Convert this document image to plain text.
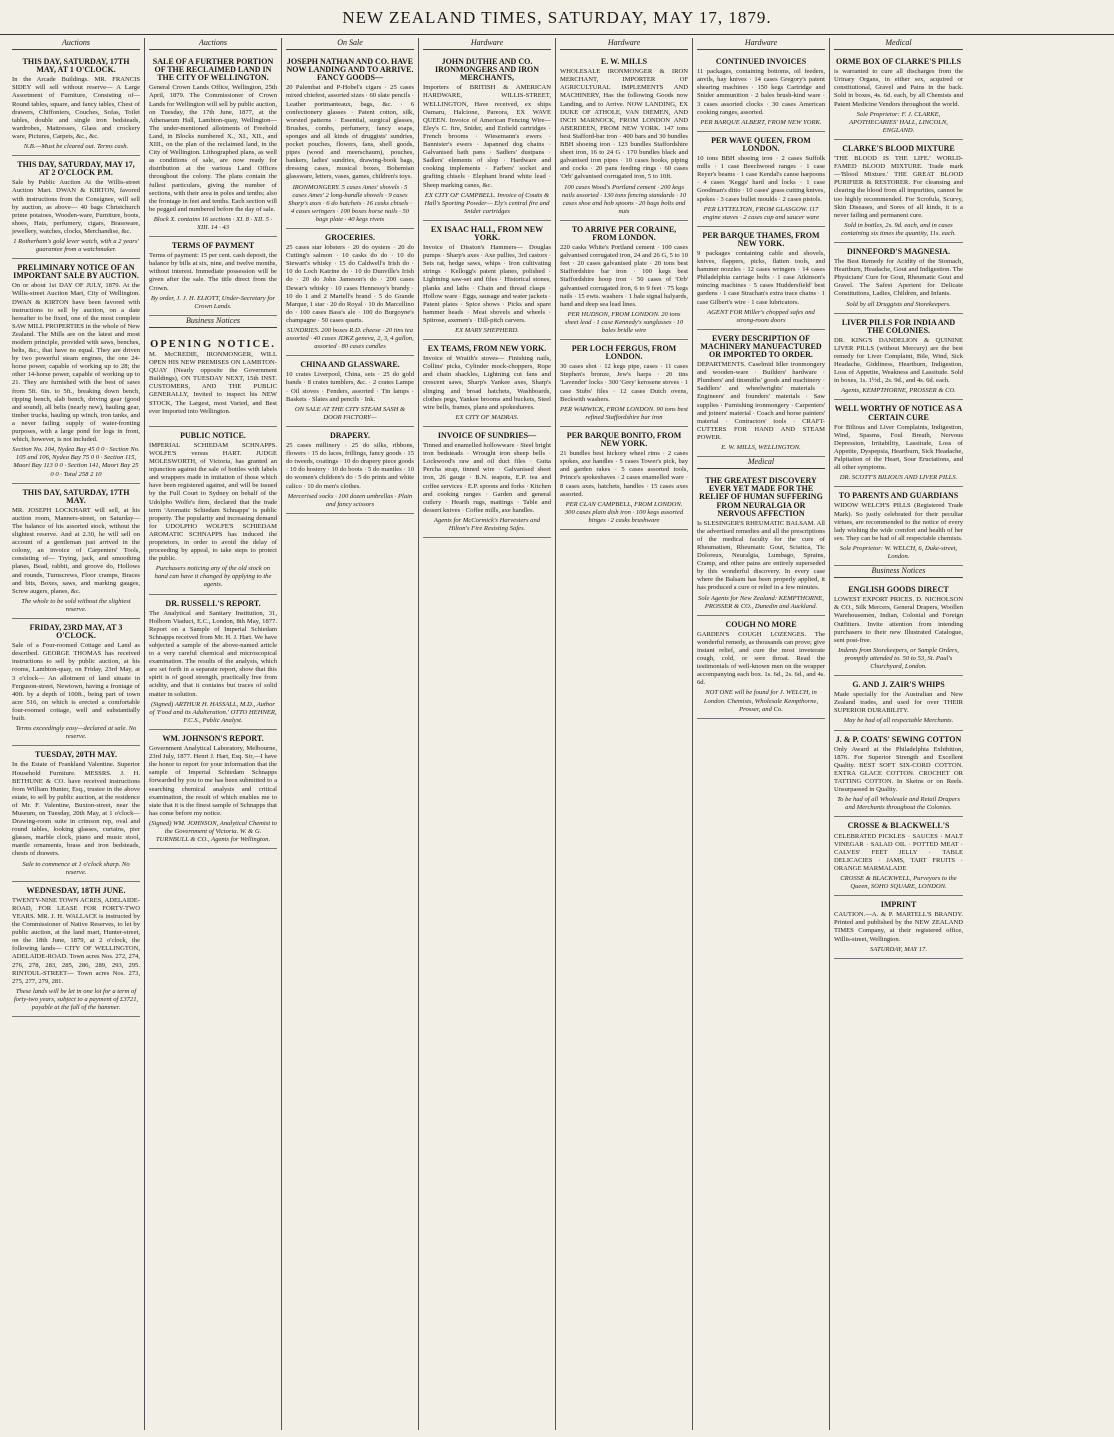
NEW ZEALAND TIMES, SATURDAY, MAY 17, 1879.
Auctions
THIS DAY, SATURDAY, 17TH MAY, AT 1 O'CLOCK.
In the Arcade Buildings. MR. FRANCIS SIDEY will sell without reserve— A Large Assortment of Furniture, Consisting of— Round tables, square, and fancy tables, Chest of drawers, Chiffoniers, Couches, Sofas, Toilet tables, double and single iron bedsteads, wardrobes, Mattresses, Glass and crockery ware, Pictures, Carpets, &c., &c.
N.B.—Must be cleared out. Terms cash.
THIS DAY, SATURDAY, MAY 17, AT 2 O'CLOCK P.M.
Sale by Public Auction At the Willis-street Auction Mart. DWAN & KIRTON, favored with instructions from the Consignee, will sell by auction, as above— 40 bags Christchurch prime potatoes, Wooden-ware, Furniture, boots, shoes, Hats, perfumery, cigars, Brassware, jewellery, watches, clocks, Merchandise, &c.
1 Rotherham's gold lever watch, with a 2 years' guarantee from a watchmaker.
PRELIMINARY NOTICE OF AN IMPORTANT SALE BY AUCTION.
On or about 1st DAY OF JULY, 1879. At the Willis-street Auction Mart, City of Wellington. DWAN & KIRTON have been favored with instructions to sell by auction, on a date hereafter to be fixed, one of the most complete SAW MILL PROPERTIES in the whole of New Zealand. The Mills are on the latest and most modern principle, provided with saws, benches, belts, &c., that have no equal. They are driven by two powerful steam engines, the one 24-horse power, capable of working up to 28; the other 14-horse power, capable of working up to 21. They are furnished with the best of saws from 5ft. 6in. to 5ft., breaking down bench, ripping bench, slab bench, driving gear (good and sound), all belts (nearly new), hauling gear, timber trucks, hauling up winch, iron tanks, and a never failing supply of water-fronting purposes, with a large pond for logs in front, which, however, is not included.
Section No. 104, Nydea Bay 45 0 0 · Section No. 105 and 106, Nydea Bay 75 0 0 · Section 115, Maori Bay 113 0 0 · Section 141, Maori Bay 25 0 0 · Total 258 2 10
THIS DAY, SATURDAY, 17TH MAY.
MR. JOSEPH LOCKHART will sell, at his auction room, Manners-street, on Saturday— The balance of his assorted stock, without the slightest reserve. And at 2.30, he will sell on account of a gentleman just arrived in the colony, an invoice of Carpenters' Tools, consisting of— Trying, jack, and smoothing planes, Bead, rabbit, and groove do, Hollows and rounds, Turnscrews, Floor cramps, Braces and bits, Boxes, saws, and marking gauges, Screw augers, planes, &c.
The whole to be sold without the slightest reserve.
FRIDAY, 23RD MAY, AT 3 O'CLOCK.
Sale of a Four-roomed Cottage and Land as described. GEORGE THOMAS has received instructions to sell by public auction, at his rooms, Lambton-quay, on Friday, 23rd May, at 3 o'clock— An allotment of land situate in Ferguson-street, Newtown, having a frontage of 40ft. by a depth of 100ft., being part of town acre 516, on which is erected a comfortable four-roomed cottage, well and substantially built.
Terms exceedingly easy—declared at sale. No reserve.
TUESDAY, 20TH MAY.
In the Estate of Frankland Valentine. Superior Household Furniture. MESSRS. J. H. BETHUNE & CO. have received instructions from William Hunter, Esq., trustee in the above estate, to sell by public auction, at the residence of Mr. F. Valentine, Buxton-street, near the Museum, on Tuesday, 20th May, at 1 o'clock— Drawing-room suite in crimson rep, oval and round tables, looking glasses, curtains, pier glasses, marble clock, piano and music stool, mantle ornaments, brass and iron bedsteads, chests of drawers.
Sale to commence at 1 o'clock sharp. No reserve.
WEDNESDAY, 18TH JUNE.
TWENTY-NINE TOWN ACRES, ADELAIDE-ROAD, FOR LEASE FOR FORTY-TWO YEARS. MR. J. H. WALLACE is instructed by the Commissioner of Native Reserves, to let by public auction, at the land mart, Hunter-street, on the 18th June, 1879, at 2 o'clock, the following lands— CITY OF WELLINGTON, ADELAIDE-ROAD. Town acres Nos. 272, 274, 276, 278, 283, 285, 286, 289, 293, 295. RINTOUL-STREET— Town acres Nos. 273, 275, 277, 279, 281.
These lands will be let in one lot for a term of forty-two years, subject to a payment of £3721, payable at the fall of the hammer.
Auctions
SALE OF A FURTHER PORTION OF THE RECLAIMED LAND IN THE CITY OF WELLINGTON.
General Crown Lands Office, Wellington, 25th April, 1879. The Commissioner of Crown Lands for Wellington will sell by public auction, on Tuesday, the 17th June, 1877, at the Athenaeum Hall, Lambton-quay, Wellington— The under-mentioned allotments of Freehold Land, in Blocks numbered X., XI., XII., and XIII., on the plan of the reclaimed land, in the City of Wellington. Lithographed plans, as well as conditions of sale, are now ready for distribution at the various Land Offices throughout the colony. The plans contain the fullest particulars, giving the number of sections, with their area in poles and tenths; also the frontage in feet and tenths. Each section will be pegged and numbered before the day of sale.
Block X. contains 16 sections · XI. 8 · XII. 5 · XIII. 14 · 43
TERMS OF PAYMENT
Terms of payment: 15 per cent. cash deposit, the balance by bills at six, nine, and twelve months, without interest. Immediate possession will be given after the sale. The title direct from the Crown.
By order, J. J. H. ELIOTT, Under-Secretary for Crown Lands.
Business Notices
OPENING NOTICE.
M. McCREDIE, IRONMONGER, WILL OPEN HIS NEW PREMISES ON LAMBTON-QUAY (Nearly opposite the Government Buildings), ON TUESDAY NEXT, 15th INST. CUSTOMERS, AND THE PUBLIC GENERALLY, Invited to inspect his NEW STOCK, The Largest, most Varied, and Best ever Imported into Wellington.
PUBLIC NOTICE.
IMPERIAL SCHIEDAM SCHNAPPS. WOLFE'S versus HART. JUDGE MOLESWORTH, of Victoria, has granted an injunction against the sale of bottles with labels and wrappers made in imitation of those which have been registered against, and will be issued by the Full Court to Sydney on behalf of the Udolpho Wolfe's firm, declared that the trade term 'Aromatic Schiedam Schnapps' is public property. The popularity and increasing demand for UDOLPHO WOLFE'S SCHIEDAM AROMATIC SCHNAPPS has induced the proprietors, in order to avoid the delay of proceeding by appeal, to take steps to protect the public.
Purchasers noticing any of the old stock on hand can have it changed by applying to the agents.
DR. RUSSELL'S REPORT.
The Analytical and Sanitary Institution, 31, Holborn Viaduct, E.C., London, 8th May, 1877. Report on a Sample of Imperial Schiedam Schnapps received from Mr. H. J. Hart. We have subjected a sample of the above-named article to a very careful chemical and microscopical examination. The results of the analysis, which are set forth in a separate report, show that this spirit is of good strength, practically free from acidity, and that it contains but traces of solid matter in solution.
(Signed) ARTHUR H. HASSALL, M.D., Author of 'Food and its Adulteration.' OTTO HEHNER, F.C.S., Public Analyst.
WM. JOHNSON'S REPORT.
Government Analytical Laboratory, Melbourne, 23rd July, 1877. Henri J. Hart, Esq. Sir,—I have the honor to report for your information that the sample of Imperial Schiedam Schnapps forwarded by you to me has been submitted to a searching chemical analysis and critical examination, the result of which enables me to state that it is the finest sample of Schnapps that has come before my notice.
(Signed) WM. JOHNSON, Analytical Chemist to the Government of Victoria. W. & G. TURNBULL & CO., Agents for Wellington.
On Sale
JOSEPH NATHAN AND CO. HAVE NOW LANDING AND TO ARRIVE. FANCY GOODS—
20 Palembat and P-Hobel's cigars · 25 cases mixed chiefest, assorted sizes · 60 slate pencils · Leather portmanteaux, bags, &c. · 6 confectionery glasses · Patent cotton, silk, worsted patterns · Essential, surgical glasses, Brushes, combs, perfumery, fancy soaps, sponges and all kinds of druggists' sundries, pocket pouches, flowers, fans, shell goods, pipes (wood and meerschaum), pouches, bankers, ladies' sundries, drawing-book bags, dressing cases, musical boxes, Bohemian glassware, letters, vases, games, children's toys.
IRONMONGERY. 5 cases Ames' shovels · 5 cases Ames' 2 long-handle shovels · 9 cases Sharp's axes · 6 do hatchets · 16 casks chisels · 4 cases wringers · 100 boxes horse nails · 50 bags plate · 40 kegs rivets
GROCERIES.
25 cases star lobsters · 20 do oysters · 20 do Cutting's salmon · 10 casks do do · 10 do Stewart's whisky · 15 do Caldwell's Irish do · 10 do Loch Katrine do · 10 do Dunville's Irish do · 20 do John Jameson's do · 200 cases Dewar's whisky · 10 cases Hennessy's brandy · 10 do 1 and 2 Martell's brand · 5 do Grande Marque, 1 star · 20 do Royal · 10 do Marcellino do · 100 cases Bass's ale · 100 do Burgoyne's champagne · 50 cases quarts.
SUNDRIES. 200 boxes R.D. cheese · 20 tins tea assorted · 40 cases JDKZ geneva, 2, 3, 4 gallon, assorted · 80 cases candles
CHINA AND GLASSWARE.
10 crates Liverpool, China, sets · 25 do gold bands · 8 crates tumblers, &c. · 2 crates Lampe · Oil stoves · Fenders, assorted · Tin lamps · Baskets · Slates and pencils · Ink.
ON SALE AT THE CITY STEAM SASH & DOOR FACTORY—
DRAPERY.
25 cases millinery · 25 do silks, ribbons, flowers · 15 do laces, frillings, fancy goods · 15 do tweeds, coatings · 10 do drapery piece goods · 10 do hosiery · 10 do boots · 5 do mantles · 10 do women's children's do · 5 do prints and white calico · 10 do men's clothes.
Mercerised socks · 100 dozen umbrellas · Plain and fancy scissors
Hardware
JOHN DUTHIE AND CO. IRONMONGERS AND IRON MERCHANTS,
Importers of BRITISH & AMERICAN HARDWARE, WILLIS-STREET, WELLINGTON, Have received, ex ships Oamaru, Halcione, Pareora, EX WAVE QUEEN. Invoice of American Fencing Wire— Eley's C. fire, Snider, and Enfield cartridges · French brooms · Wiesemann's ewers · Bannister's ewers · Japanned dog chains · Galvanised bath pans · Sadlers' dustpans · Sadlers' elements of slop · Hardware and cooking implements · Farbers' socket and grafting chisels · Elephant brand white lead · Sheep marking canes, &c.
EX CITY OF CAMPBELL. Invoice of Coutts & Hall's Sporting Powder— Ely's central fire and Snider cartridges
EX ISAAC HALL, FROM NEW YORK.
Invoice of Disston's Hammers— Douglas pumps · Sharp's axes · Axe pullies, 3rd castors · Sets rat, hedge saws, whips · Iron cultivating strings · Kellogg's patent planes, polished · Lightning saw-set and files · Historical stones, planks and laths · Chain and thread clasps · Hollow ware · Eggs, sausage and water jackets · Patent plates · Spice shows · Picks and spare hammer heads · Meat shovels and wheels · Spitrose, axemen's · Dill-pitch carvers.
EX MARY SHEPHERD.
EX TEAMS, FROM NEW YORK.
Invoice of Wraith's stoves— Finishing nails, Collins' picks, Cylinder mock-choppers, Rope and chain shackles, Lightning cut fans and crescent saws, Sharp's Yankee axes, Sharp's slinging and broad hatchets, Washboards, clothes pegs, Yankee brooms and buckets, Steel wire bells, frames, plans and spokeshaves.
EX CITY OF MADRAS.
INVOICE OF SUNDRIES—
Tinned and enamelled hollowware · Steel bright iron bedsteads · Wrought iron sheep bells · Lockwood's raw and oil duct files · Gutta Percha strap, tinned wire · Galvanised sheet iron, 26 gauge · B.N. teapots, E.P. tea and coffee services · E.P. spoons and forks · Kitchen and cooking ranges · Garden and general cutlery · Hearth rugs, mattings · Table and dessert knives · Coffee mills, axe handles.
Agents for McCormick's Harvesters and Hilton's Fire Resisting Safes.
Hardware
E. W. MILLS
WHOLESALE IRONMONGER & IRON MERCHANT, IMPORTER OF AGRICULTURAL IMPLEMENTS AND MACHINERY, Has the following Goods now Landing, and to Arrive. NOW LANDING, EX DUKE OF ATHOLE, VAN DIEMEN, AND INCH MARNOCK, FROM LONDON AND ABERDEEN, FROM NEW YORK. 147 tons best Stafford-bar iron · 400 bars and 30 bundles BBH shoeing iron · 123 bundles Staffordshire sheet iron, 16 to 24 G · 170 bundles black and galvanised iron pipes · 10 cases hooks, piping and cocks · 20 pans feeding rings · 60 cases 'Orb' galvanised corrugated iron, 5 to 10ft.
100 cases Wood's Portland cement · 200 kegs nails assorted · 130 tons fencing standards · 10 cases shoe and hob spoons · 20 bags bolts and nuts
TO ARRIVE PER CORAINE, FROM LONDON.
220 casks White's Portland cement · 100 cases galvanised corrugated iron, 24 and 26 G, 5 to 10 feet · 20 cases galvanised plate · 20 tons best Staffordshire bar iron · 100 kegs best Staffordshire hoop iron · 50 cases of 'Orb' galvanised corrugated iron, 6 to 9 feet · 75 kegs nails · 15 ewts. washers · 1 bale signal halyards, hand and deep sea lead lines.
PER HUDSON, FROM LONDON. 20 tons sheet lead · 1 case Kennedy's sunglasses · 10 bales bridle wire
PER LOCH FERGUS, FROM LONDON.
30 cases shot · 12 kegs pipe, cases · 11 cases Stephen's bronze, Jew's harps · 20 tins 'Lavender' locks · 300 'Grey' kerosene stoves · 1 case Stubs' files · 12 cases Dutch ovens, Beckwith washers.
PER WARWICK, FROM LONDON. 90 tons best refined Staffordshire bar iron
PER BARQUE BONITO, FROM NEW YORK.
21 bundles best hickory wheel rims · 2 cases spokes, axe handles · 5 cases Tower's pick, bay and garden rakes · 5 cases assorted tools, Prince's spokeshaves · 2 cases enamelled ware · 8 cases axes, hatchets, handles · 15 cases axes assorted.
PER CLAN CAMPBELL, FROM LONDON. 300 cases plain dish iron · 100 kegs assorted hinges · 2 casks brushware
Hardware
CONTINUED INVOICES
11 packages, containing bottoms, oil feeders, anvils, hay knives · 14 cases Gregory's patent shearing machines · 150 kegs Cartridge and Snider ammunition · 2 bales brush-kind ware · 3 cases assorted clocks · 30 cases American cooking ranges, assorted.
PER BARQUE ALBERT, FROM NEW YORK.
PER WAVE QUEEN, FROM LONDON.
10 tons BBH shoeing iron · 2 cases Suffolk mills · 1 case Beechwood ranges · 1 case Reyer's beams · 1 case Kendal's canoe harpoons · 4 cases 'Keggs' hard and locks · 1 case Goodman's ditto · 10 cases' grass cutting knives, spokes · 3 cases bullet moulds · 2 cases pistols.
PER LYTTELTON, FROM GLASGOW. 117 engine staves · 2 cases cup and saucer ware
PER BARQUE THAMES, FROM NEW YORK.
9 packages containing cable and shovels, knives, flappers, picks, flatten tools, and hammer nozzles · 12 cases wringers · 14 cases Philadelphia carriage bolts · 1 case Atkinson's mincing machines · 5 cases Huddersfield' best gardens · 1 case Strachan's extra trace chains · 1 case Gilbert's wire · 1 case lubricators.
AGENT FOR Miller's chopped safes and strong-room doors
EVERY DESCRIPTION OF MACHINERY MANUFACTURED OR IMPORTED TO ORDER.
DEPARTMENTS. Caselmid Idler ironmongery and wooden-ware · Builders' hardware · Plumbers' and tinsmiths' goods and machinery · Saddlers' and wheelwrights' materials · Engineers' and founders' materials · Saw supplies · Furnishing ironmongery · Carpenters' and joiners' material · Coach and horse painters' material · Contractors' tools · CRAFT-CUTTERS FOR HAND AND STEAM POWER.
E. W. MILLS, WELLINGTON.
Medical
THE GREATEST DISCOVERY EVER YET MADE FOR THE RELIEF OF HUMAN SUFFERING FROM NEURALGIA OR NERVOUS AFFECTION
Is SLESINGER'S RHEUMATIC BALSAM. All the advertised remedies and all the prescriptions of the medical faculty for the cure of Rheumatism, Rheumatic Gout, Sciatica, Tic Doloreux, Neuralgia, Lumbago, Sprains, Cramp, and other pains are entirely superseded by this wonderful discovery. In every case where the Balsam has been properly applied, it has produced a cure or relief in a few minutes.
Sole Agents for New Zealand: KEMPTHORNE, PROSSER & CO., Dunedin and Auckland.
COUGH NO MORE
GARDEN'S COUGH LOZENGES. The wonderful remedy, as thousands can prove; give instant relief, and cure the most inveterate cough, cold, or sore throat. Read the testimonials of well-known men on the wrapper accompanying each box. 1s. 6d., 2s. 6d., and 4s. 6d.
NOT ONE will be found for J. WELCH, in London. Chemists, Wholesale Kempthorne, Prosser, and Co.
Medical
ORME BOX OF CLARKE'S PILLS
is warranted to cure all discharges from the Urinary Organs, in either sex, acquired or constitutional, Gravel and Pains in the back. Sold in boxes, 4s. 6d. each, by all Chemists and Patent Medicine Vendors throughout the world.
Sole Proprietor: F. J. CLARKE, APOTHECARIES' HALL, LINCOLN, ENGLAND.
CLARKE'S BLOOD MIXTURE
'THE BLOOD IS THE LIFE.' WORLD-FAMED BLOOD MIXTURE. Trade mark—'Blood Mixture.' THE GREAT BLOOD PURIFIER & RESTORER. For cleansing and clearing the blood from all impurities, cannot be too highly recommended. For Scrofula, Scurvy, Skin Diseases, and Sores of all kinds, it is a never failing and permanent cure.
Sold in bottles, 2s. 9d. each, and in cases containing six times the quantity, 11s. each.
DINNEFORD'S MAGNESIA.
The Best Remedy for Acidity of the Stomach, Heartburn, Headache, Gout and Indigestion. The Physicians' Cure for Gout, Rheumatic Gout and Gravel. The Safest Aperient for Delicate Constitutions, Ladies, Children, and Infants.
Sold by all Druggists and Storekeepers.
LIVER PILLS FOR INDIA AND THE COLONIES.
DR. KING'S DANDELION & QUININE LIVER PILLS (without Mercury) are the best remedy for Liver Complaint, Bile, Wind, Sick Headache, Giddiness, Heartburn, Indigestion, Loss of Appetite, Weakness and Lassitude. Sold in boxes, 1s. 1½d., 2s. 9d., and 4s. 6d. each.
Agents, KEMPTHORNE, PROSSER & CO.
WELL WORTHY OF NOTICE AS A CERTAIN CURE
For Bilious and Liver Complaints, Indigestion, Wind, Spasms, Foul Breath, Nervous Depression, Irritability, Lassitude, Loss of Appetite, Dyspepsia, Heartburn, Sick Headache, Palpitation of the Heart, Sour Eructations, and all other symptoms.
DR. SCOTT'S BILIOUS AND LIVER PILLS.
TO PARENTS AND GUARDIANS
WIDOW WELCH'S PILLS (Registered Trade Mark). So justly celebrated for their peculiar virtues, are recommended to the notice of every lady wishing the wide comfort and health of her sex. They can be had of all respectable chemists.
Sole Proprietor: W. WELCH, 6, Duke-street, London.
Business Notices
ENGLISH GOODS DIRECT
LOWEST EXPORT PRICES. D. NICHOLSON & CO., Silk Mercers, General Drapers, Woollen Warehousemen, Indian, Colonial and Foreign Outfitters. Invite attention from intending purchasers to their new Illustrated Catalogue, sent post-free.
Indents from Storekeepers, or Sample Orders, promptly attended to. 50 to 53, St. Paul's Churchyard, London.
G. AND J. ZAIR'S WHIPS
Made specially for the Australian and New Zealand trades, and used for over THEIR SUPERIOR DURABILITY.
May be had of all respectable Merchants.
J. & P. COATS' SEWING COTTON
Only Award at the Philadelphia Exhibition, 1876. For Superior Strength and Excellent Quality. BEST SOFT SIX-CORD COTTON. EXTRA GLACE COTTON. CROCHET OR TATTING COTTON. In Skeins or on Reels. Unsurpassed in Quality.
To be had of all Wholesale and Retail Drapers and Merchants throughout the Colonies.
CROSSE & BLACKWELL'S
CELEBRATED PICKLES · SAUCES · MALT VINEGAR · SALAD OIL · POTTED MEAT · CALVES' FEET JELLY · TABLE DELICACIES · JAMS, TART FRUITS · ORANGE MARMALADE
CROSSE & BLACKWELL, Purveyors to the Queen, SOHO SQUARE, LONDON.
IMPRINT
CAUTION.—A. & P. MARTELL'S BRANDY. Printed and published by the NEW ZEALAND TIMES Company, at their registered office, Willis-street, Wellington.
SATURDAY, MAY 17.
